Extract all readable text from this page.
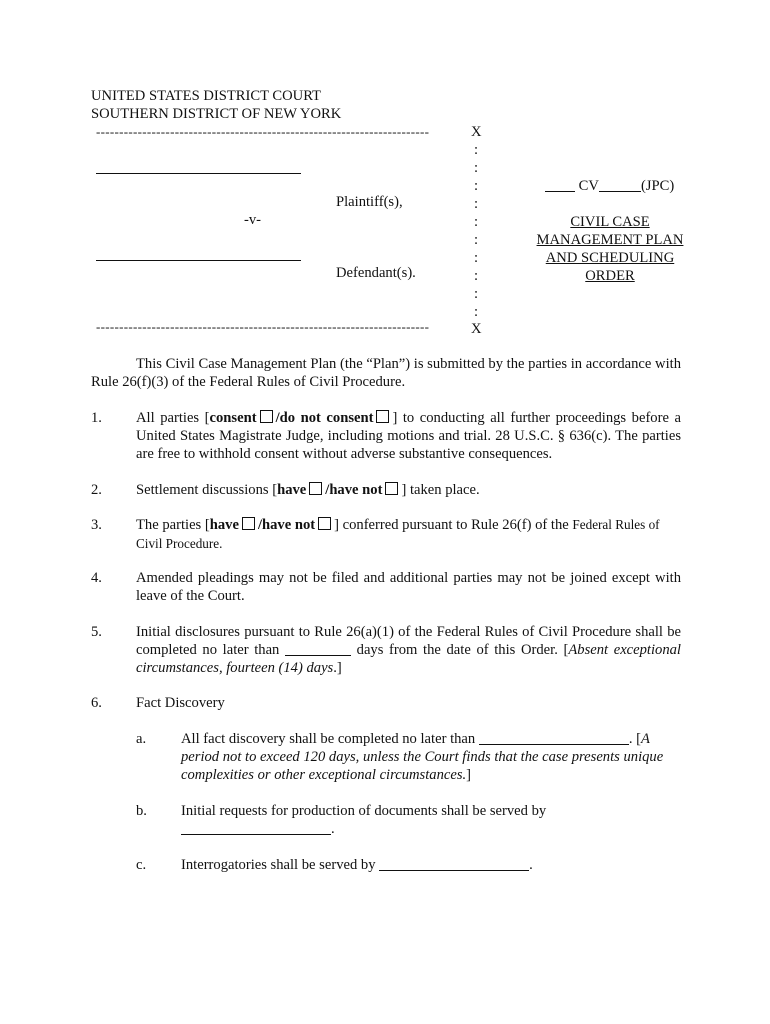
UNITED STATES DISTRICT COURT
SOUTHERN DISTRICT OF NEW YORK
------------------------------------------------------------------------	X
:
:
:
:
:
:
:
:
:
:
Plaintiff(s),
-v-
Defendant(s).
------------------------------------------------------------------------	X
CV	(JPC)
CIVIL CASE
MANAGEMENT PLAN
AND SCHEDULING
ORDER
This Civil Case Management Plan (the “Plan”) is submitted by the parties in accordance with Rule 26(f)(3) of the Federal Rules of Civil Procedure.
1. All parties [consent /do not consent ] to conducting all further proceedings before a United States Magistrate Judge, including motions and trial. 28 U.S.C. § 636(c). The parties are free to withhold consent without adverse substantive consequences.
2. Settlement discussions [have /have not ] taken place.
3. The parties [have /have not ] conferred pursuant to Rule 26(f) of the Federal Rules of
Civil Procedure.
4. Amended pleadings may not be filed and additional parties may not be joined except with leave of the Court.
5. Initial disclosures pursuant to Rule 26(a)(1) of the Federal Rules of Civil Procedure shall be completed no later than	days from the date of this Order. [Absent exceptional circumstances, fourteen (14) days.]
6. Fact Discovery
a. All fact discovery shall be completed no later than	. [A period not to exceed 120 days, unless the Court finds that the case presents unique complexities or other exceptional circumstances.]
b. Initial requests for production of documents shall be served by
.
c. Interrogatories shall be served by	.
